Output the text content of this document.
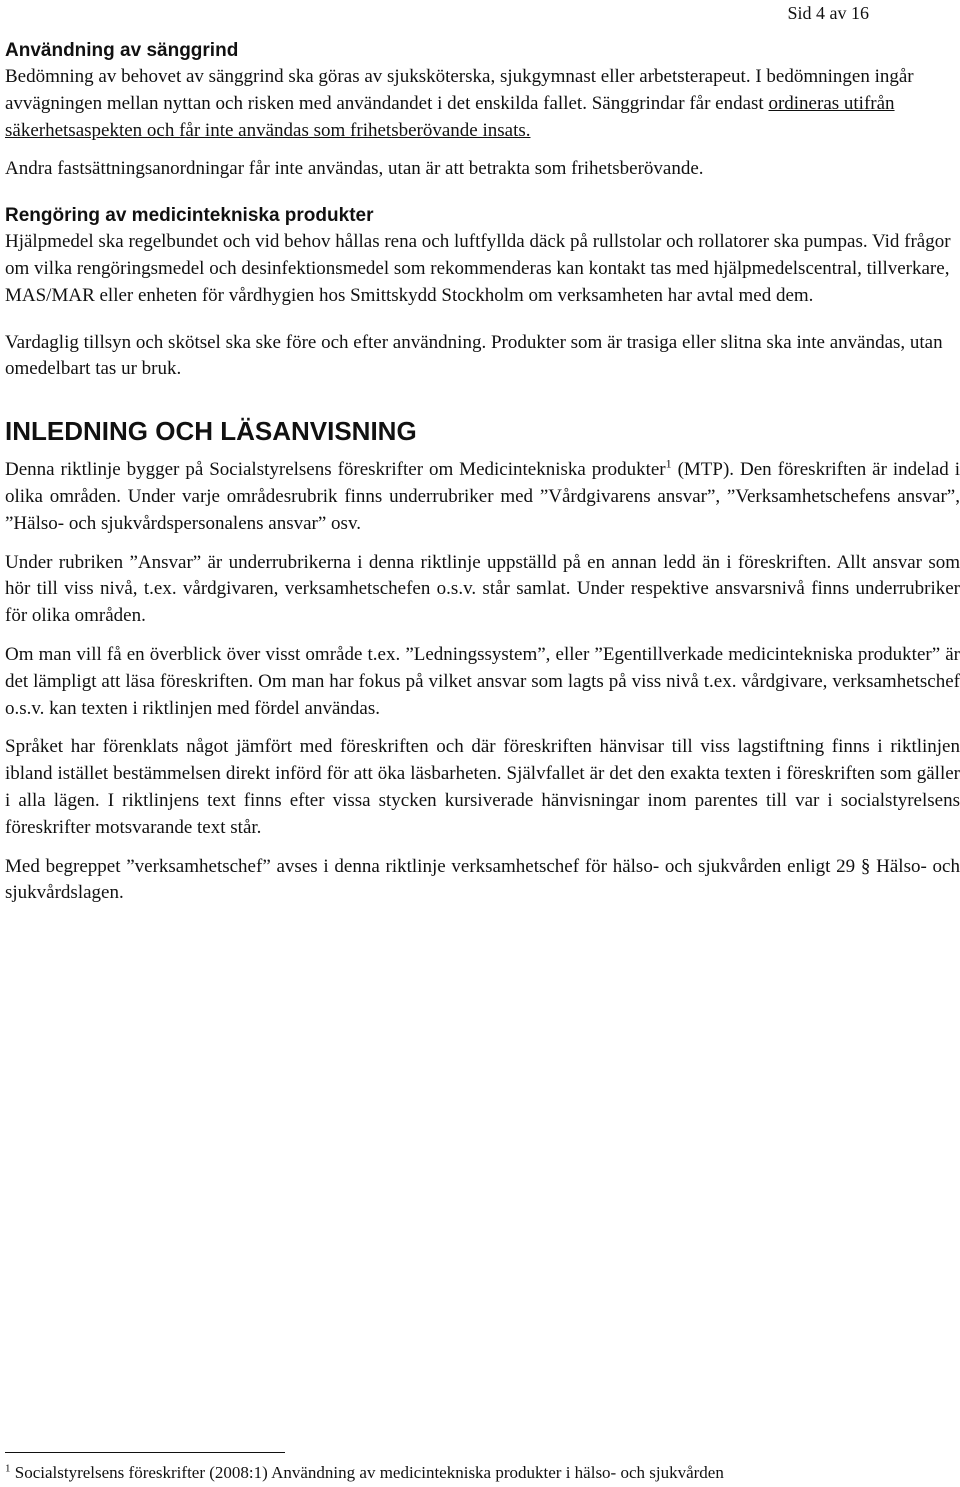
Sid 4 av 16
Användning av sänggrind

Bedömning av behovet av sänggrind ska göras av sjuksköterska, sjukgymnast eller arbetsterapeut. I bedömningen ingår avvägningen mellan nyttan och risken med användandet i det enskilda fallet. Sänggrindar får endast ordineras utifrån säkerhetsaspekten och får inte användas som frihetsberövande insats.

Andra fastsättningsanordningar får inte användas, utan är att betrakta som frihetsberövande.

Rengöring av medicintekniska produkter

Hjälpmedel ska regelbundet och vid behov hållas rena och luftfyllda däck på rullstolar och rollatorer ska pumpas. Vid frågor om vilka rengöringsmedel och desinfektionsmedel som rekommenderas kan kontakt tas med hjälpmedelscentral, tillverkare, MAS/MAR eller enheten för vårdhygien hos Smittskydd Stockholm om verksamheten har avtal med dem.

Vardaglig tillsyn och skötsel ska ske före och efter användning. Produkter som är trasiga eller slitna ska inte användas, utan omedelbart tas ur bruk.

INLEDNING OCH LÄSANVISNING

Denna riktlinje bygger på Socialstyrelsens föreskrifter om Medicintekniska produkter$^1$ (MTP). Den föreskriften är indelad i olika områden. Under varje områdesrubrik finns underrubriker med ”Vårdgivarens ansvar”, ”Verksamhetschefens ansvar”, ”Hälso- och sjukvårdspersonalens ansvar” osv.

Under rubriken ”Ansvar” är underrubrikerna i denna riktlinje uppställd på en annan ledd än i föreskriften. Allt ansvar som hör till viss nivå, t.ex. vårdgivaren, verksamhetschefen o.s.v. står samlat. Under respektive ansvarsnivå finns underrubriker för olika områden.

Om man vill få en överblick över visst område t.ex. ”Ledningssystem”, eller ”Egentillverkade medicintekniska produkter” är det lämpligt att läsa föreskriften. Om man har fokus på vilket ansvar som lagts på viss nivå t.ex. vårdgivare, verksamhetschef o.s.v. kan texten i riktlinjen med fördel användas.

Språket har förenklats något jämfört med föreskriften och där föreskriften hänvisar till viss lagstiftning finns i riktlinjen ibland istället bestämmelsen direkt införd för att öka läsbarheten. Självfallet är det den exakta texten i föreskriften som gäller i alla lägen. I riktlinjens text finns efter vissa stycken kursiverade hänvisningar inom parentes till var i socialstyrelsens föreskrifter motsvarande text står.

Med begreppet ”verksamhetschef” avses i denna riktlinje verksamhetschef för hälso- och sjukvården enligt 29 § Hälso- och sjukvårdslagen.

$^1$ Socialstyrelsens föreskrifter (2008:1) Användning av medicintekniska produkter i hälso- och sjukvården
